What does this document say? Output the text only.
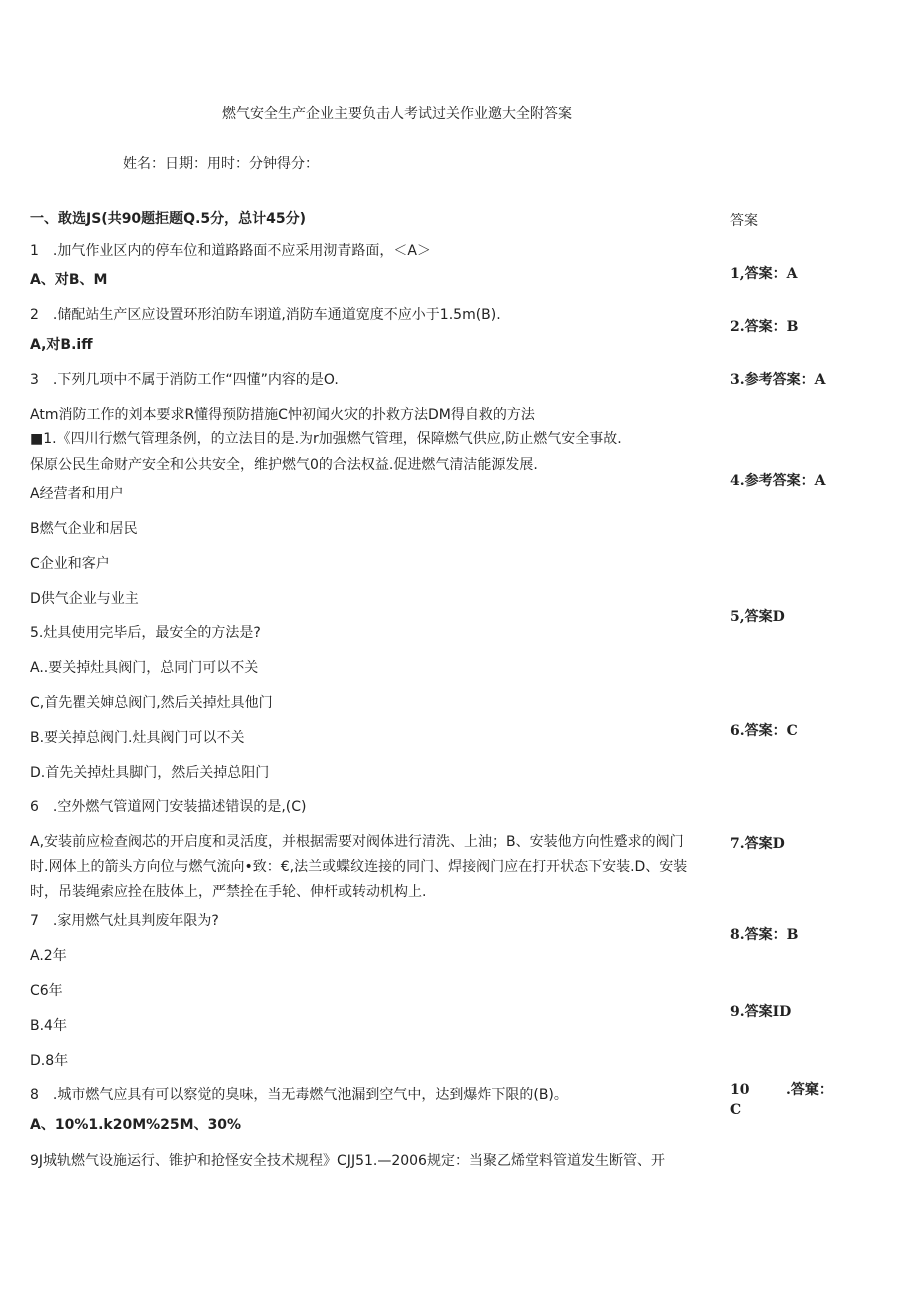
燃气安全生产企业主要负击人考试过关作业邀大全附答案
姓名：日期：用时：分钟得分：
一、敢选JS(共90题拒题Q.5分，总计45分)	答案
1　.加气作业区内的停车位和道路路面不应采用沏青路面，＜A＞
A、对B、M
2　.储配站生产区应设置环形泊防车诩道,消防车通道宽度不应小于1.5m(B).
A,对B.iff
3　.下列几项中不属于消防工作“四懂”内容的是O.
Atm消防工作的刘本要求R懂得预防措施C忡初闻火灾的扑救方法DM得自救的方法
■1.《四川行燃气管理条例，的立法目的是.为r加强燃气管理，保障燃气供应,防止燃气安全事故.
保原公民生命财产安全和公共安全，维护燃气0的合法权益.促进燃气清洁能源发展.
A经营者和用户
B燃气企业和居民
C企业和客户
D供气企业与业主
5.灶具使用完毕后，最安全的方法是?
A..要关掉灶具阀门，总同门可以不关
C,首先瞿关婶总阀门,然后关掉灶具他门
B.要关掉总阀门.灶具阀门可以不关
D.首先关掉灶具脚门，然后关掉总阳门
6　.空外燃气管道网门安装描述错误的是,(C)
A,安装前应检查阀芯的开启度和灵活度，并根据需要对阀体进行清洗、上油；B、安装他方向性蹙求的阀门
时.网体上的箭头方向位与燃气流向•致：€,法兰或蝶纹连接的同门、焊接阀门应在打开状态下安装.D、安装
时，吊装绳索应拴在肢体上，严禁拴在手轮、伸杆或转动机构上.
7　.家用燃气灶具判废年限为?
A.2年
C6年
B.4年
D.8年
8　.城市燃气应具有可以察觉的臭味，当无毒燃气池漏到空气中，达到爆炸下限的(B)。
A、10%1.k20M%25M、30%
9J城轨燃气设施运行、锥护和抢怪安全技术规程》CJJ51.—2006规定：当聚乙烯堂料管道发生断管、开
1,答案：A
2.答案：B
3.参考答案：A
4.参考答案：A
5,答案D
6.答案：C
7.答案D
8.答案：B
9.答案ID
10	.答窠：
C
